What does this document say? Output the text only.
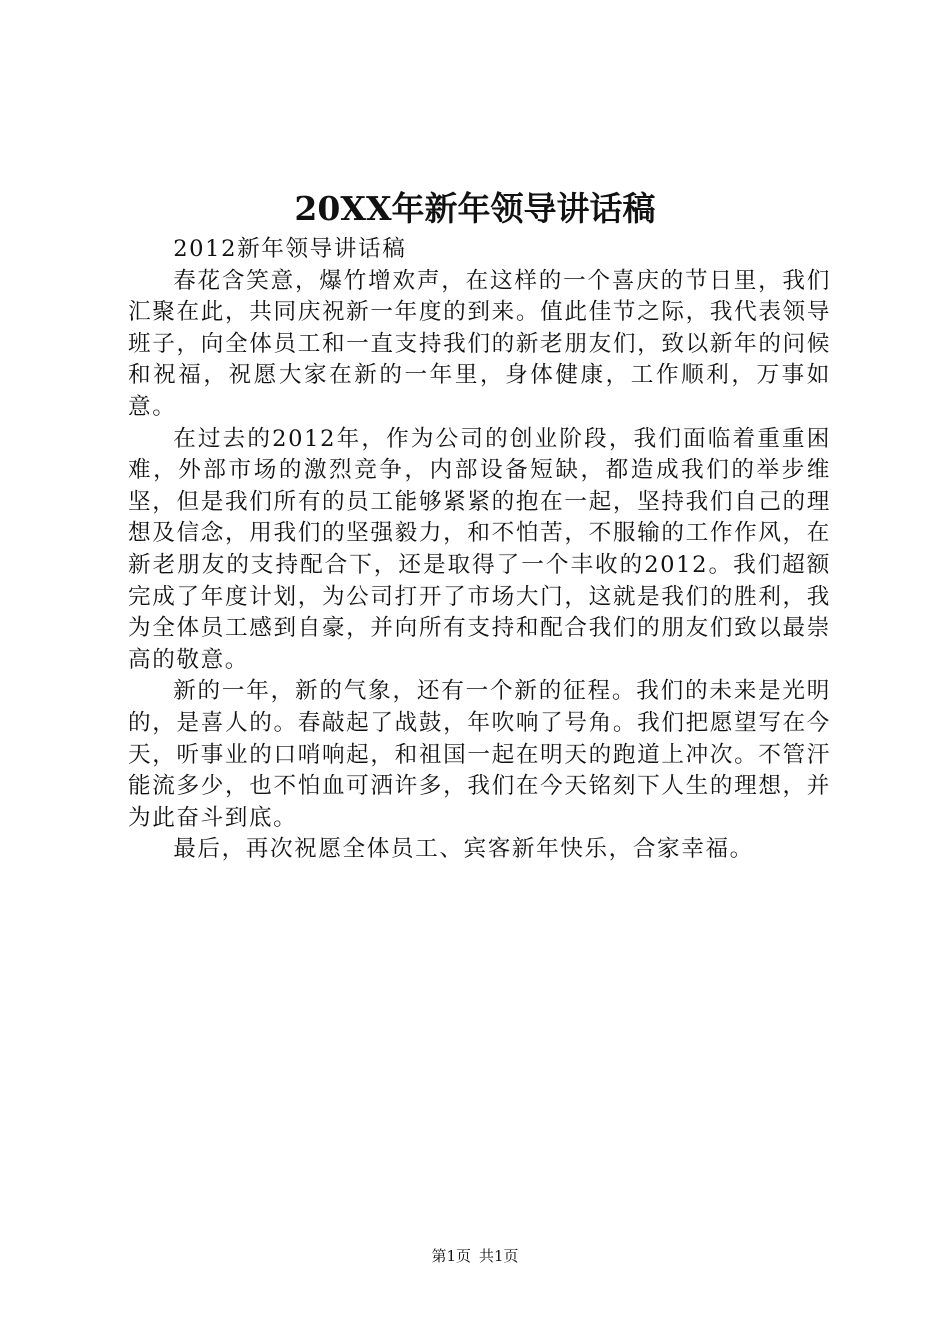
20XX年新年领导讲话稿

2012新年领导讲话稿

春花含笑意，爆竹增欢声，在这样的一个喜庆的节日里，我们汇聚在此，共同庆祝新一年度的到来。值此佳节之际，我代表领导班子，向全体员工和一直支持我们的新老朋友们，致以新年的问候和祝福，祝愿大家在新的一年里，身体健康，工作顺利，万事如意。

在过去的2012年，作为公司的创业阶段，我们面临着重重困难，外部市场的激烈竞争，内部设备短缺，都造成我们的举步维坚，但是我们所有的员工能够紧紧的抱在一起，坚持我们自己的理想及信念，用我们的坚强毅力，和不怕苦，不服输的工作作风，在新老朋友的支持配合下，还是取得了一个丰收的2012。我们超额完成了年度计划，为公司打开了市场大门，这就是我们的胜利，我为全体员工感到自豪，并向所有支持和配合我们的朋友们致以最崇高的敬意。

新的一年，新的气象，还有一个新的征程。我们的未来是光明的，是喜人的。春敲起了战鼓，年吹响了号角。我们把愿望写在今天，听事业的口哨响起，和祖国一起在明天的跑道上冲次。不管汗能流多少，也不怕血可洒许多，我们在今天铭刻下人生的理想，并为此奋斗到底。

最后，再次祝愿全体员工、宾客新年快乐，合家幸福。

第1页 共1页
